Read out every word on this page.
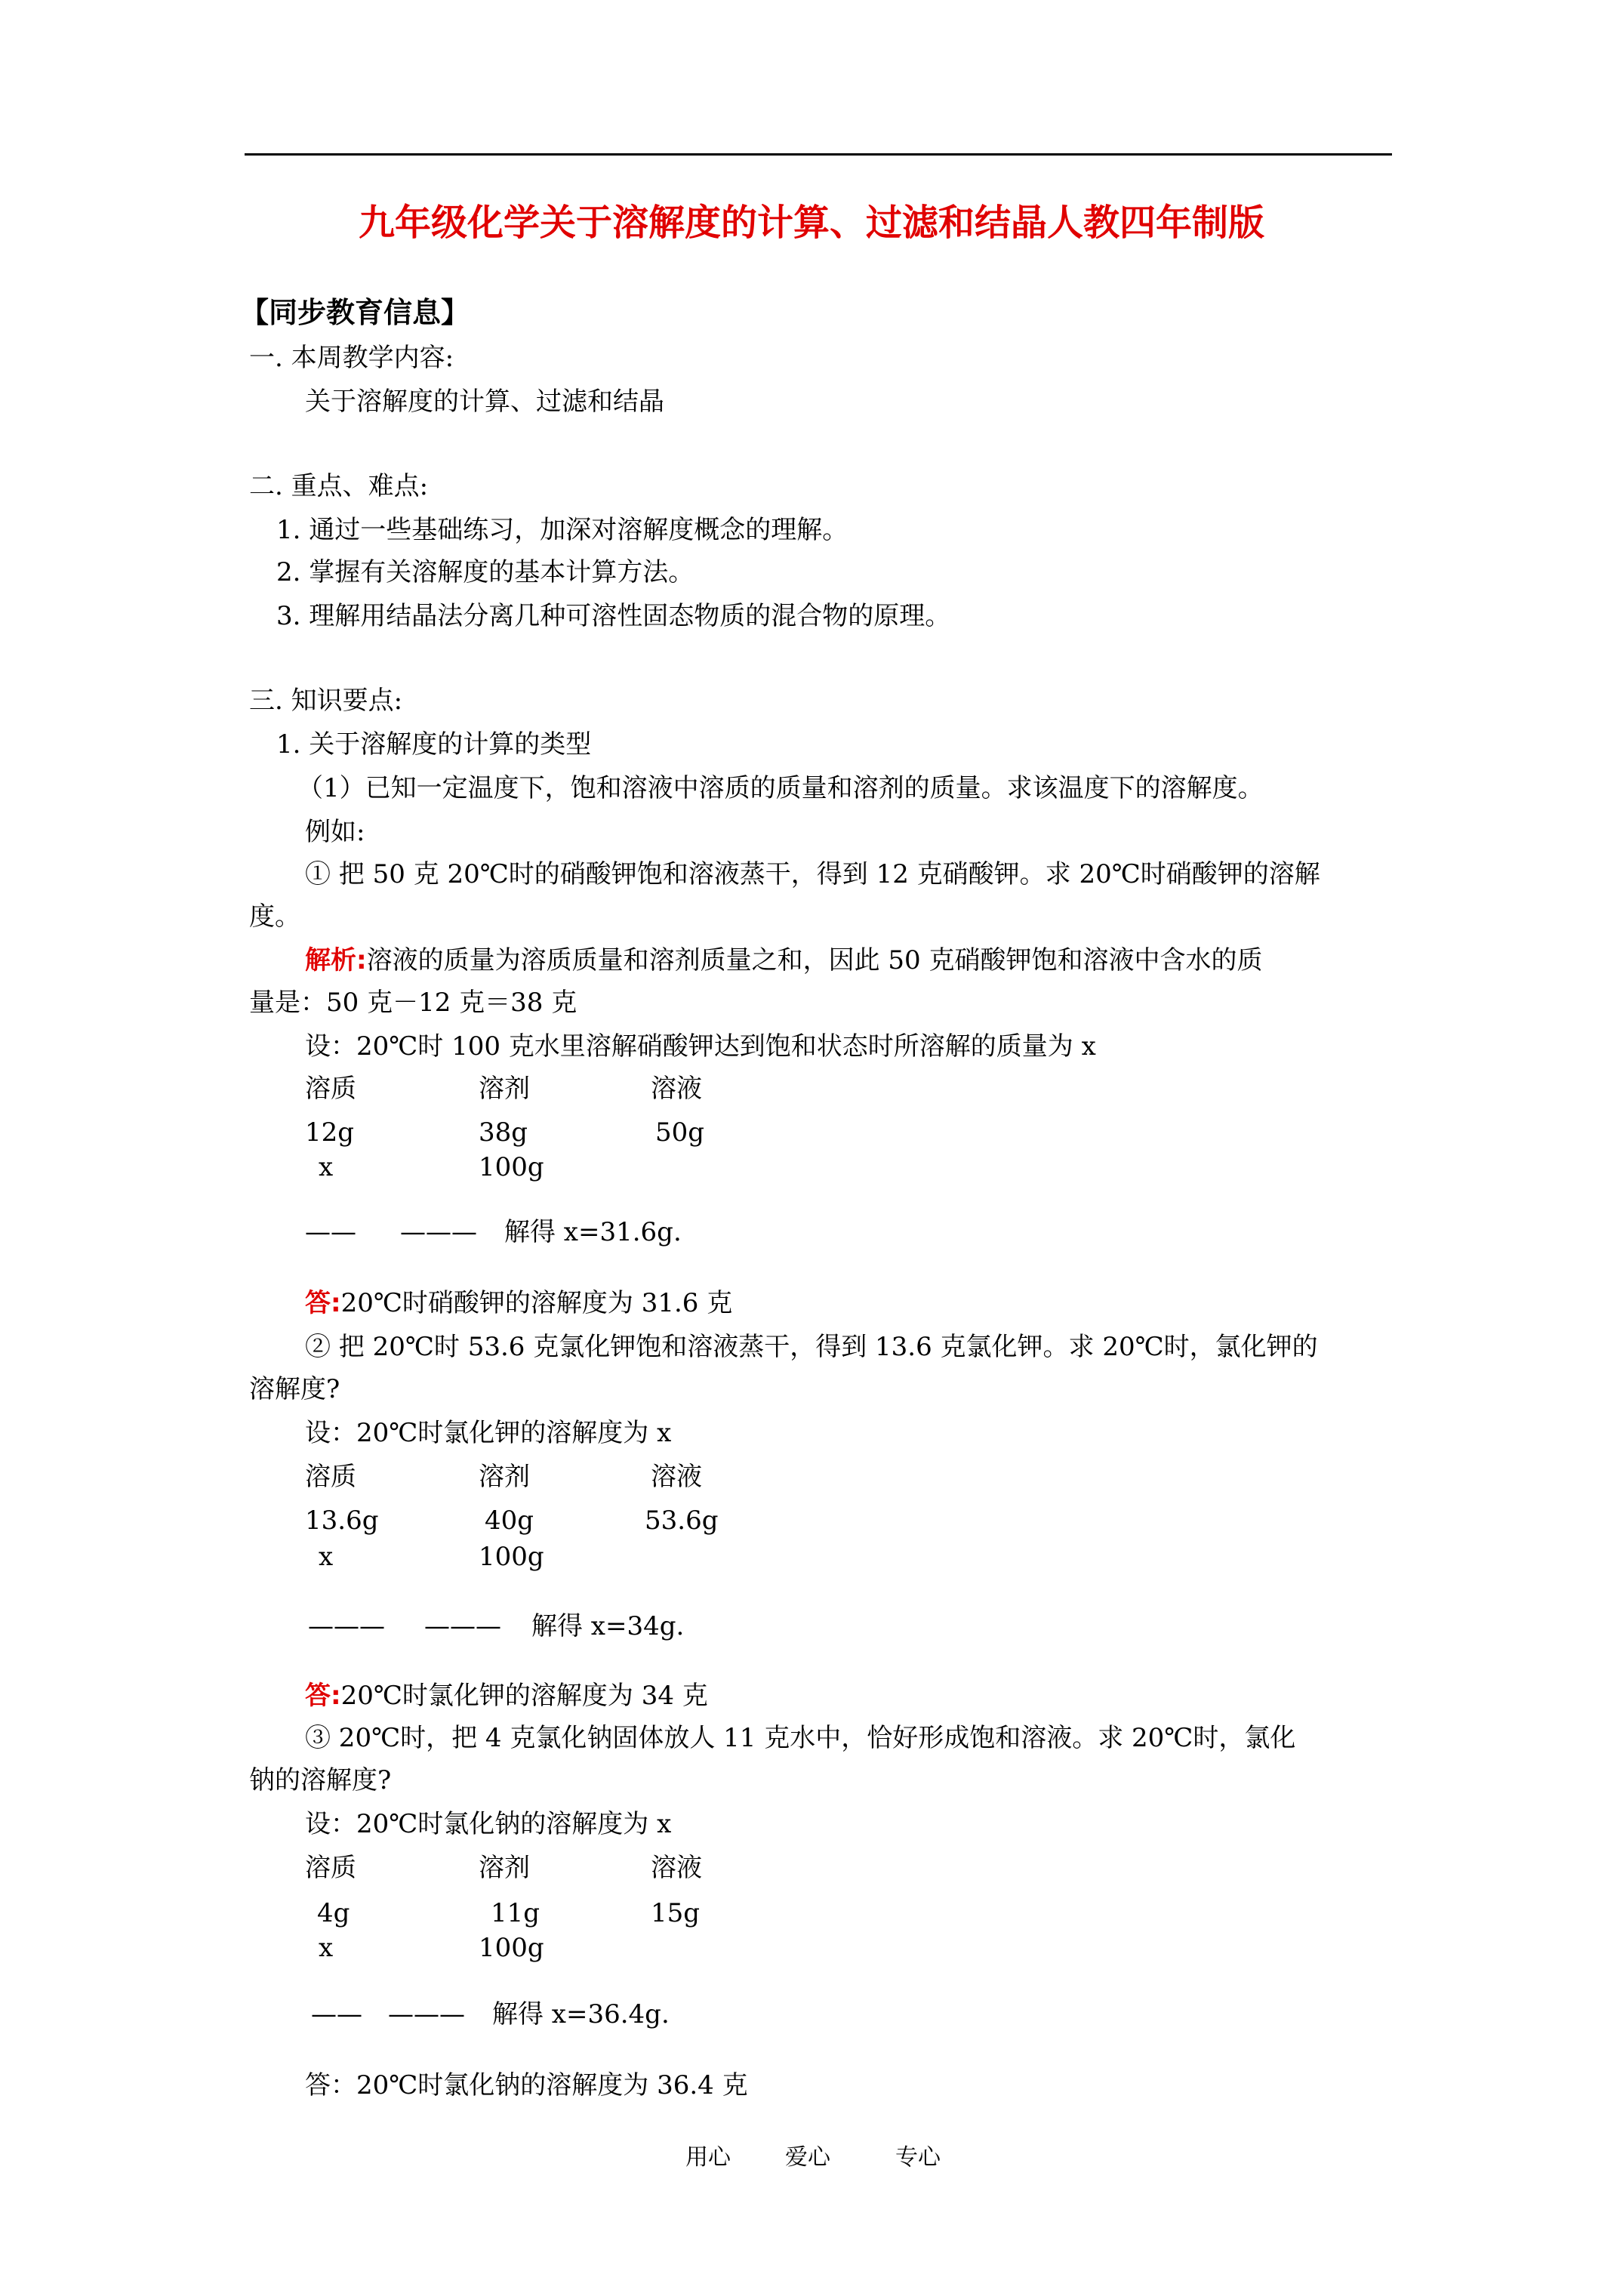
九年级化学关于溶解度的计算、过滤和结晶人教四年制版
【同步教育信息】
一. 本周教学内容:
关于溶解度的计算、过滤和结晶
二. 重点、难点:
1. 通过一些基础练习，加深对溶解度概念的理解。
2. 掌握有关溶解度的基本计算方法。
3. 理解用结晶法分离几种可溶性固态物质的混合物的原理。
三. 知识要点:
1. 关于溶解度的计算的类型
（1）已知一定温度下，饱和溶液中溶质的质量和溶剂的质量。求该温度下的溶解度。
例如:
① 把 50 克 20℃时的硝酸钾饱和溶液蒸干，得到 12 克硝酸钾。求 20℃时硝酸钾的溶解
度。
解析:溶液的质量为溶质质量和溶剂质量之和，因此 50 克硝酸钾饱和溶液中含水的质
量是：50 克－12 克＝38 克
设：20℃时 100 克水里溶解硝酸钾达到饱和状态时所溶解的质量为 x
溶质	溶剂	溶液
12g	38g	50g
x	100g
—— ——— 解得 x=31.6g.
答:20℃时硝酸钾的溶解度为 31.6 克
② 把 20℃时 53.6 克氯化钾饱和溶液蒸干，得到 13.6 克氯化钾。求 20℃时，氯化钾的
溶解度?
设：20℃时氯化钾的溶解度为 x
溶质	溶剂	溶液
13.6g	40g	53.6g
x	100g
——— ——— 解得 x=34g.
答:20℃时氯化钾的溶解度为 34 克
③ 20℃时，把 4 克氯化钠固体放人 11 克水中，恰好形成饱和溶液。求 20℃时，氯化
钠的溶解度?
设：20℃时氯化钠的溶解度为 x
溶质	溶剂	溶液
4g	11g	15g
x	100g
—— ——— 解得 x=36.4g.
答：20℃时氯化钠的溶解度为 36.4 克
用心 爱心	专心
